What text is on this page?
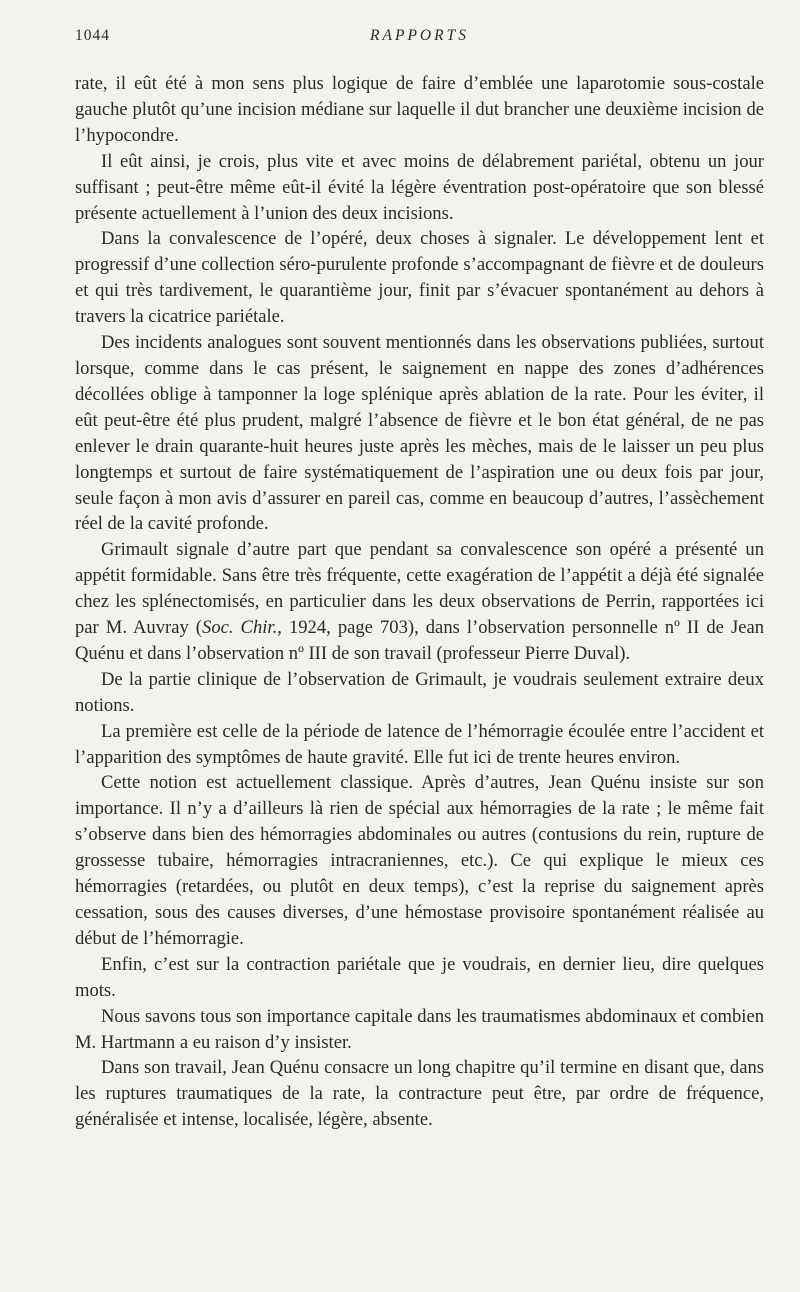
1044	RAPPORTS

rate, il eût été à mon sens plus logique de faire d’emblée une laparotomie sous-costale gauche plutôt qu’une incision médiane sur laquelle il dut brancher une deuxième incision de l’hypocondre.

Il eût ainsi, je crois, plus vite et avec moins de délabrement pariétal, obtenu un jour suffisant ; peut-être même eût-il évité la légère éventration post-opératoire que son blessé présente actuellement à l’union des deux incisions.

Dans la convalescence de l’opéré, deux choses à signaler. Le développement lent et progressif d’une collection séro-purulente profonde s’accompagnant de fièvre et de douleurs et qui très tardivement, le quarantième jour, finit par s’évacuer spontanément au dehors à travers la cicatrice pariétale.

Des incidents analogues sont souvent mentionnés dans les observations publiées, surtout lorsque, comme dans le cas présent, le saignement en nappe des zones d’adhérences décollées oblige à tamponner la loge splénique après ablation de la rate. Pour les éviter, il eût peut-être été plus prudent, malgré l’absence de fièvre et le bon état général, de ne pas enlever le drain quarante-huit heures juste après les mèches, mais de le laisser un peu plus longtemps et surtout de faire systématiquement de l’aspiration une ou deux fois par jour, seule façon à mon avis d’assurer en pareil cas, comme en beaucoup d’autres, l’assèchement réel de la cavité profonde.

Grimault signale d’autre part que pendant sa convalescence son opéré a présenté un appétit formidable. Sans être très fréquente, cette exagération de l’appétit a déjà été signalée chez les splénectomisés, en particulier dans les deux observations de Perrin, rapportées ici par M. Auvray (Soc. Chir., 1924, page 703), dans l’observation personnelle nº II de Jean Quénu et dans l’observation nº III de son travail (professeur Pierre Duval).

De la partie clinique de l’observation de Grimault, je voudrais seulement extraire deux notions.

La première est celle de la période de latence de l’hémorragie écoulée entre l’accident et l’apparition des symptômes de haute gravité. Elle fut ici de trente heures environ.

Cette notion est actuellement classique. Après d’autres, Jean Quénu insiste sur son importance. Il n’y a d’ailleurs là rien de spécial aux hémorragies de la rate ; le même fait s’observe dans bien des hémorragies abdominales ou autres (contusions du rein, rupture de grossesse tubaire, hémorragies intracraniennes, etc.). Ce qui explique le mieux ces hémorragies (retardées, ou plutôt en deux temps), c’est la reprise du saignement après cessation, sous des causes diverses, d’une hémostase provisoire spontanément réalisée au début de l’hémorragie.

Enfin, c’est sur la contraction pariétale que je voudrais, en dernier lieu, dire quelques mots.

Nous savons tous son importance capitale dans les traumatismes abdominaux et combien M. Hartmann a eu raison d’y insister.

Dans son travail, Jean Quénu consacre un long chapitre qu’il termine en disant que, dans les ruptures traumatiques de la rate, la contracture peut être, par ordre de fréquence, généralisée et intense, localisée, légère, absente.
